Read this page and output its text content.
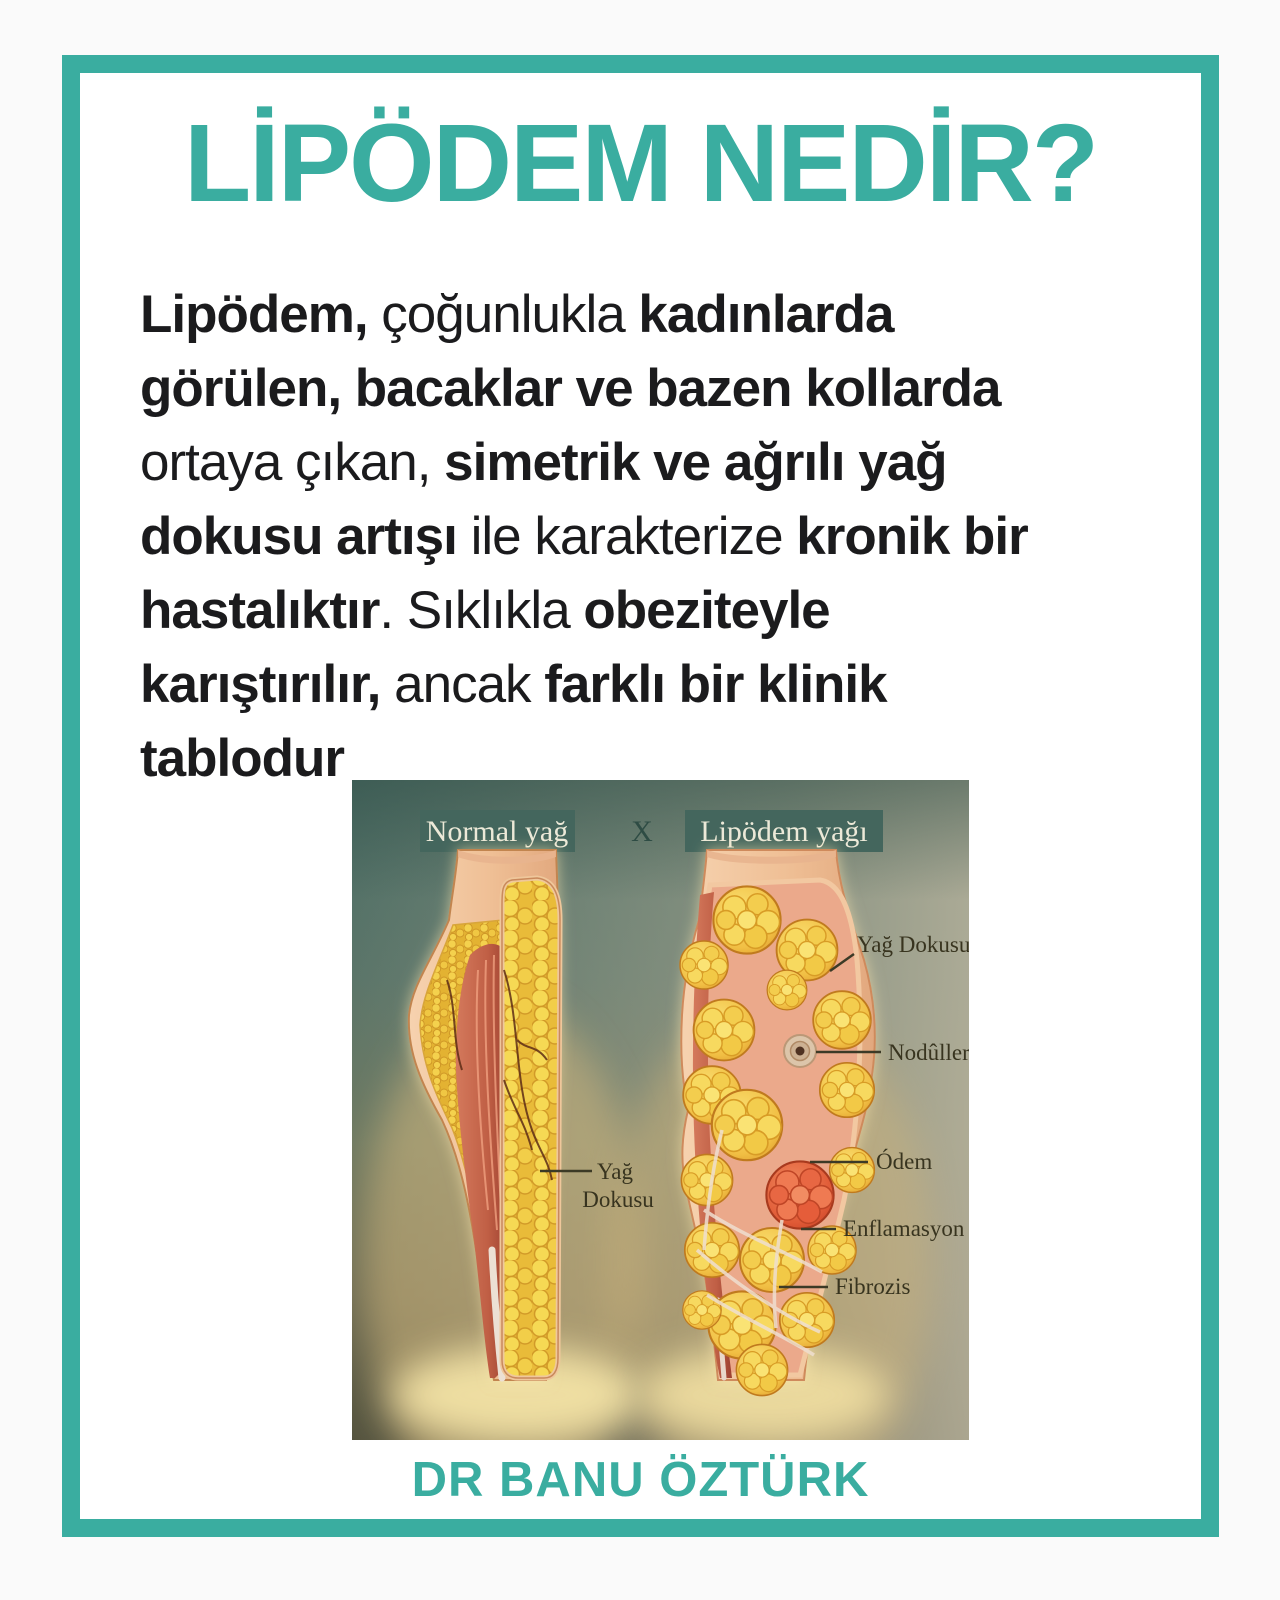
LİPÖDEM NEDİR?
Lipödem, çoğunlukla kadınlarda
görülen, bacaklar ve bazen kollarda
ortaya çıkan, simetrik ve ağrılı yağ
dokusu artışı ile karakterize kronik bir
hastalıktır. Sıklıkla obeziteyle
karıştırılır, ancak farklı bir klinik
tablodur
Normal yağ X Lipödem yağı
Yağ Dokusu
Nodûller
Ódem
Enflamasyon
Fibrozis
Yağ
Dokusu
DR BANU ÖZTÜRK
